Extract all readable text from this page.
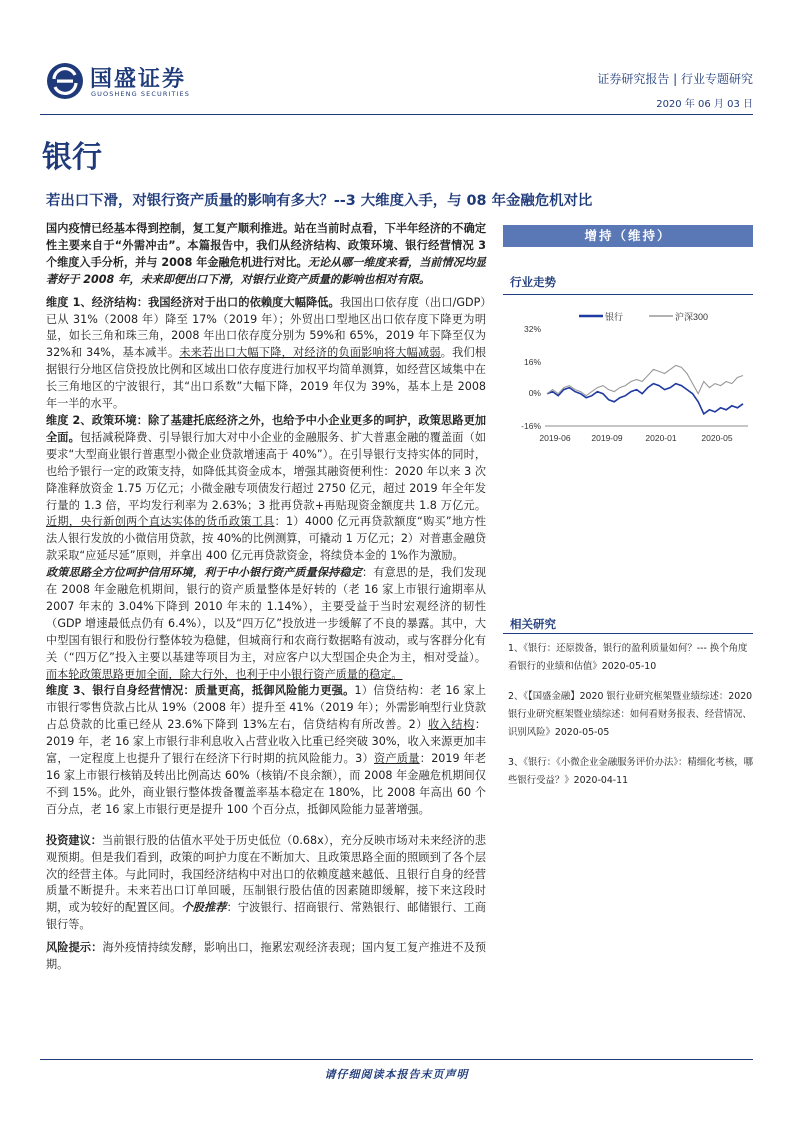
国盛证券
GUOSHENG SECURITIES
证券研究报告 | 行业专题研究
2020 年 06 月 03 日
银行
若出口下滑，对银行资产质量的影响有多大？--3 大维度入手，与 08 年金融危机对比

国内疫情已经基本得到控制，复工复产顺利推进。站在当前时点看，下半年经济的不确定性主要来自于“外需冲击”。本篇报告中，我们从经济结构、政策环境、银行经营情况 3 个维度入手分析，并与 2008 年金融危机进行对比。无论从哪一维度来看，当前情况均显著好于 2008 年，未来即便出口下滑，对银行业资产质量的影响也相对有限。

维度 1、经济结构：我国经济对于出口的依赖度大幅降低。我国出口依存度（出口/GDP）已从 31%（2008 年）降至 17%（2019 年）；外贸出口型地区出口依存度下降更为明显，如长三角和珠三角，2008 年出口依存度分别为 59%和 65%，2019 年下降至仅为 32%和 34%，基本减半。未来若出口大幅下降，对经济的负面影响将大幅减弱。我们根据银行分地区信贷投放比例和区域出口依存度进行加权平均简单测算，如经营区域集中在长三角地区的宁波银行，其“出口系数”大幅下降，2019 年仅为 39%，基本上是 2008 年一半的水平。

维度 2、政策环境：除了基建托底经济之外，也给予中小企业更多的呵护，政策思路更加全面。包括减税降费、引导银行加大对中小企业的金融服务、扩大普惠金融的覆盖面（如要求“大型商业银行普惠型小微企业贷款增速高于 40%”）。在引导银行支持实体的同时，也给予银行一定的政策支持，如降低其资金成本，增强其融资便利性：2020 年以来 3 次降准释放资金 1.75 万亿元；小微金融专项债发行超过 2750 亿元，超过 2019 年全年发行量的 1.3 倍，平均发行利率为 2.63%；3 批再贷款+再贴现资金额度共 1.8 万亿元。近期，央行新创两个直达实体的货币政策工具：1）4000 亿元再贷款额度“购买”地方性法人银行发放的小微信用贷款，按 40%的比例测算，可撬动 1 万亿元；2）对普惠金融贷款采取“应延尽延”原则，并拿出 400 亿元再贷款资金，将续贷本金的 1%作为激励。

政策思路全方位呵护信用环境，利于中小银行资产质量保持稳定：有意思的是，我们发现在 2008 年金融危机期间，银行的资产质量整体是好转的（老 16 家上市银行逾期率从 2007 年末的 3.04%下降到 2010 年末的 1.14%），主要受益于当时宏观经济的韧性（GDP 增速最低点仍有 6.4%），以及“四万亿”投放进一步缓解了不良的暴露。其中，大中型国有银行和股份行整体较为稳健，但城商行和农商行数据略有波动，或与客群分化有关（“四万亿”投入主要以基建等项目为主，对应客户以大型国企央企为主，相对受益）。而本轮政策思路更加全面，除大行外，也利于中小银行资产质量的稳定。

维度 3、银行自身经营情况：质量更高，抵御风险能力更强。1）信贷结构：老 16 家上市银行零售贷款占比从 19%（2008 年）提升至 41%（2019 年）；外需影响型行业贷款占总贷款的比重已经从 23.6%下降到 13%左右，信贷结构有所改善。2）收入结构：2019 年，老 16 家上市银行非利息收入占营业收入比重已经突破 30%，收入来源更加丰富，一定程度上也提升了银行在经济下行时期的抗风险能力。3）资产质量：2019 年老 16 家上市银行核销及转出比例高达 60%（核销/不良余额），而 2008 年金融危机期间仅不到 15%。此外，商业银行整体拨备覆盖率基本稳定在 180%，比 2008 年高出 60 个百分点，老 16 家上市银行更是提升 100 个百分点，抵御风险能力显著增强。

投资建议：当前银行股的估值水平处于历史低位（0.68x），充分反映市场对未来经济的悲观预期。但是我们看到，政策的呵护力度在不断加大、且政策思路全面的照顾到了各个层次的经营主体。与此同时，我国经济结构中对出口的依赖度越来越低、且银行自身的经营质量不断提升。未来若出口订单回暖，压制银行股估值的因素随即缓解，接下来这段时期，或为较好的配置区间。个股推荐：宁波银行、招商银行、常熟银行、邮储银行、工商银行等。

风险提示：海外疫情持续发酵，影响出口，拖累宏观经济表现；国内复工复产推进不及预期。

增持（维持）
行业走势
银行	沪深300
32%
16%
0%
-16%
2019-06 2019-09	2020-01	2020-05
相关研究
1、《银行：还原拨备，银行的盈利质量如何？--- 换个角度看银行的业绩和估值》2020-05-10
2、《【国盛金融】2020 银行业研究框架暨业绩综述：2020 银行业研究框架暨业绩综述：如何看财务报表、经营情况、识别风险》2020-05-05
3、《银行：《小微企业金融服务评价办法》：精细化考核，哪些银行受益？》2020-04-11
请仔细阅读本报告末页声明
